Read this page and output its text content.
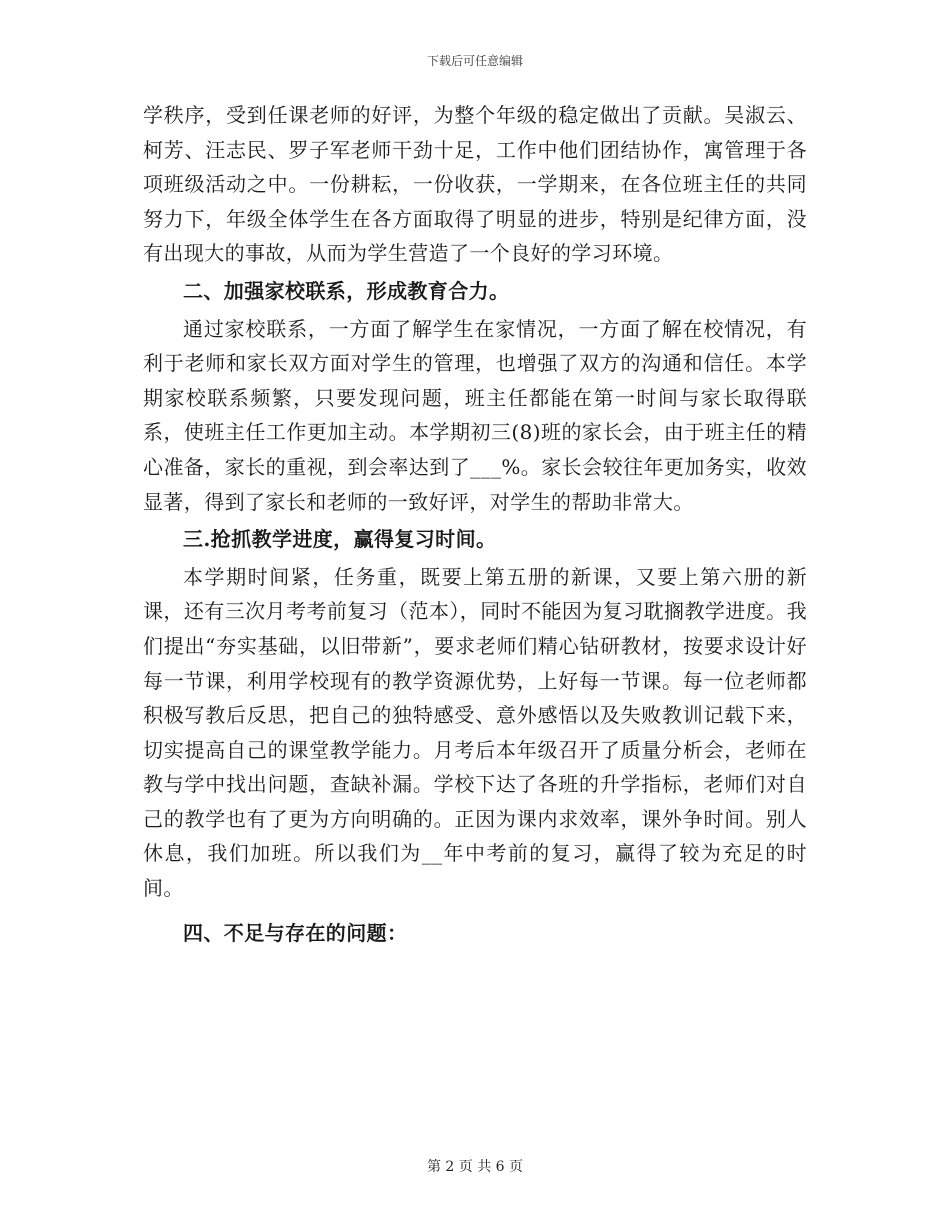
下载后可任意编辑

学秩序，受到任课老师的好评，为整个年级的稳定做出了贡献。吴淑云、柯芳、汪志民、罗子军老师干劲十足，工作中他们团结协作，寓管理于各项班级活动之中。一份耕耘，一份收获，一学期来，在各位班主任的共同努力下，年级全体学生在各方面取得了明显的进步，特别是纪律方面，没有出现大的事故，从而为学生营造了一个良好的学习环境。

二、加强家校联系，形成教育合力。

通过家校联系，一方面了解学生在家情况，一方面了解在校情况，有利于老师和家长双方面对学生的管理，也增强了双方的沟通和信任。本学期家校联系频繁，只要发现问题，班主任都能在第一时间与家长取得联系，使班主任工作更加主动。本学期初三(8)班的家长会，由于班主任的精心准备，家长的重视，到会率达到了___%。家长会较往年更加务实，收效显著，得到了家长和老师的一致好评，对学生的帮助非常大。

三.抢抓教学进度，赢得复习时间。

本学期时间紧，任务重，既要上第五册的新课，又要上第六册的新课，还有三次月考考前复习（范本），同时不能因为复习耽搁教学进度。我们提出“夯实基础，以旧带新”，要求老师们精心钻研教材，按要求设计好每一节课，利用学校现有的教学资源优势，上好每一节课。每一位老师都积极写教后反思，把自己的独特感受、意外感悟以及失败教训记载下来，切实提高自己的课堂教学能力。月考后本年级召开了质量分析会，老师在教与学中找出问题，查缺补漏。学校下达了各班的升学指标，老师们对自己的教学也有了更为方向明确的。正因为课内求效率，课外争时间。别人休息，我们加班。所以我们为__年中考前的复习，赢得了较为充足的时间。

四、不足与存在的问题：
第 2 页 共 6 页
